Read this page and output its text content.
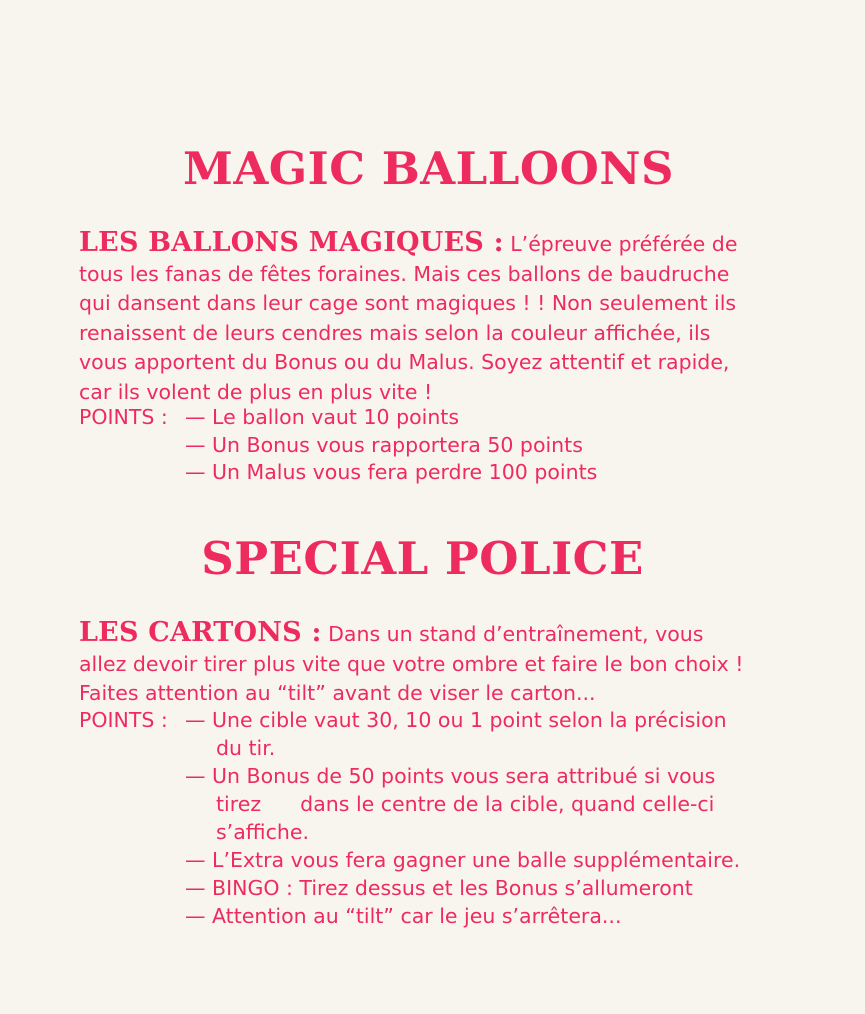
MAGIC BALLOONS
LES BALLONS MAGIQUES : L’épreuve préférée de
tous les fanas de fêtes foraines. Mais ces ballons de baudruche
qui dansent dans leur cage sont magiques ! ! Non seulement ils
renaissent de leurs cendres mais selon la couleur affichée, ils
vous apportent du Bonus ou du Malus. Soyez attentif et rapide,
car ils volent de plus en plus vite !
POINTS : — Le ballon vaut 10 points
— Un Bonus vous rapportera 50 points
— Un Malus vous fera perdre 100 points
SPECIAL POLICE
LES CARTONS : Dans un stand d’entraînement, vous
allez devoir tirer plus vite que votre ombre et faire le bon choix !
Faites attention au “tilt” avant de viser le carton...
POINTS : — Une cible vaut 30, 10 ou 1 point selon la précision
du tir.
— Un Bonus de 50 points vous sera attribué si vous
tirez      dans le centre de la cible, quand celle-ci
s’affiche.
— L’Extra vous fera gagner une balle supplémentaire.
— BINGO : Tirez dessus et les Bonus s’allumeront
— Attention au “tilt” car le jeu s’arrêtera...
